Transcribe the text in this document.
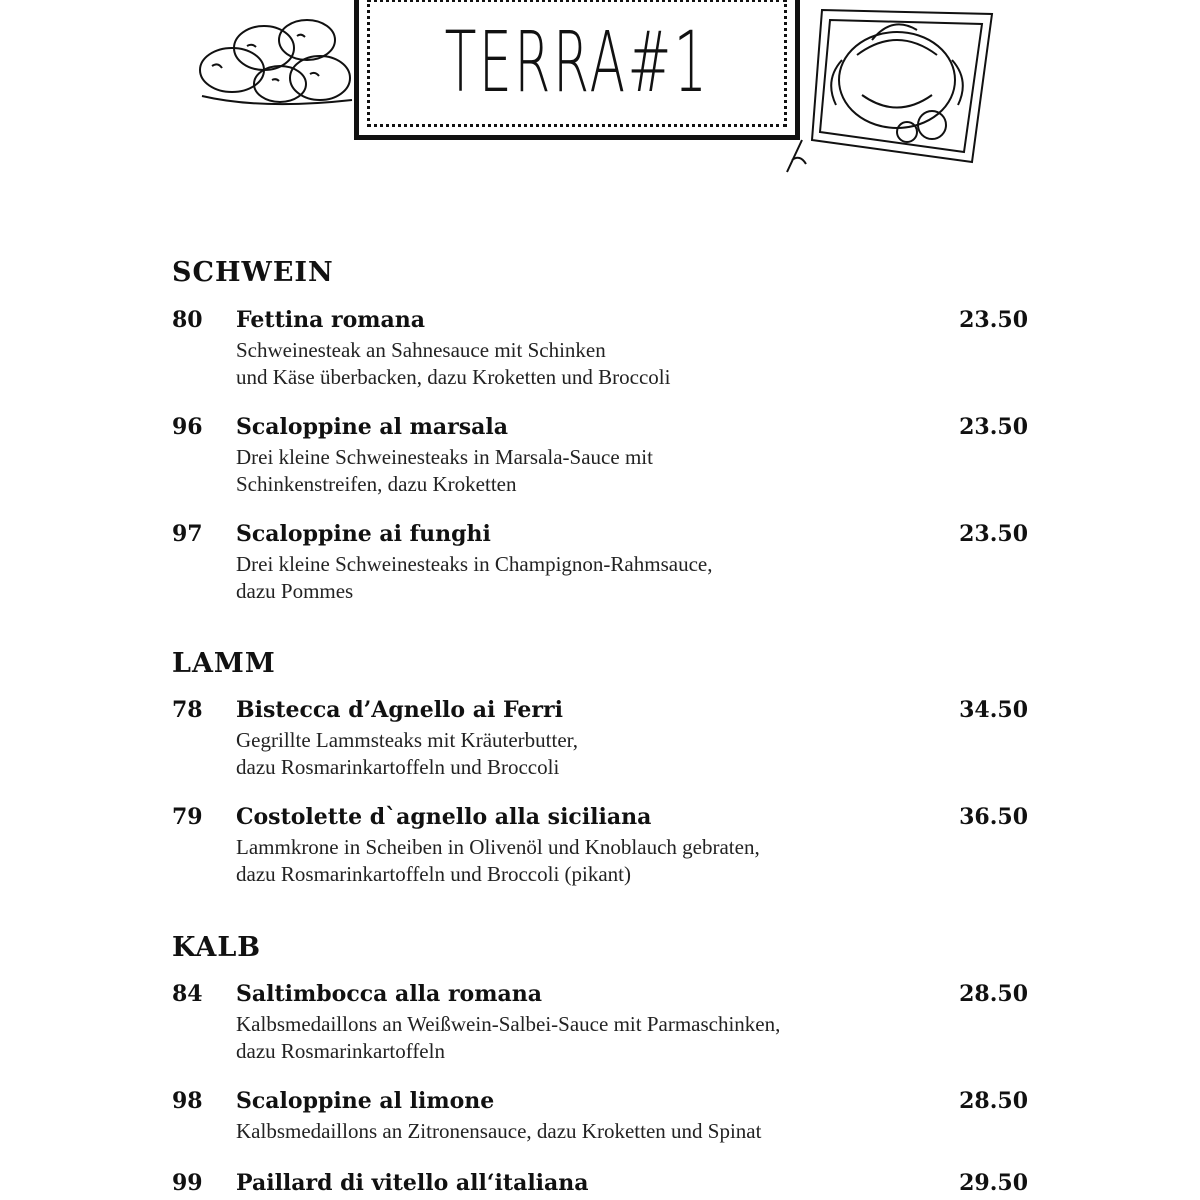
TERRA#1
SCHWEIN
80 Fettina romana	23.50
Schweinesteak an Sahnesauce mit Schinken
und Käse überbacken, dazu Kroketten und Broccoli
96 Scaloppine al marsala	23.50
Drei kleine Schweinesteaks in Marsala-Sauce mit
Schinkenstreifen, dazu Kroketten
97 Scaloppine ai funghi	23.50
Drei kleine Schweinesteaks in Champignon-Rahmsauce,
dazu Pommes
LAMM
78 Bistecca d’Agnello ai Ferri	34.50
Gegrillte Lammsteaks mit Kräuterbutter,
dazu Rosmarinkartoffeln und Broccoli
79 Costolette d`agnello alla siciliana	36.50
Lammkrone in Scheiben in Olivenöl und Knoblauch gebraten,
dazu Rosmarinkartoffeln und Broccoli (pikant)
KALB
84 Saltimbocca alla romana	28.50
Kalbsmedaillons an Weißwein-Salbei-Sauce mit Parmaschinken,
dazu Rosmarinkartoffeln
98 Scaloppine al limone	28.50
Kalbsmedaillons an Zitronensauce, dazu Kroketten und Spinat
99 Paillard di vitello all‘italiana	29.50
